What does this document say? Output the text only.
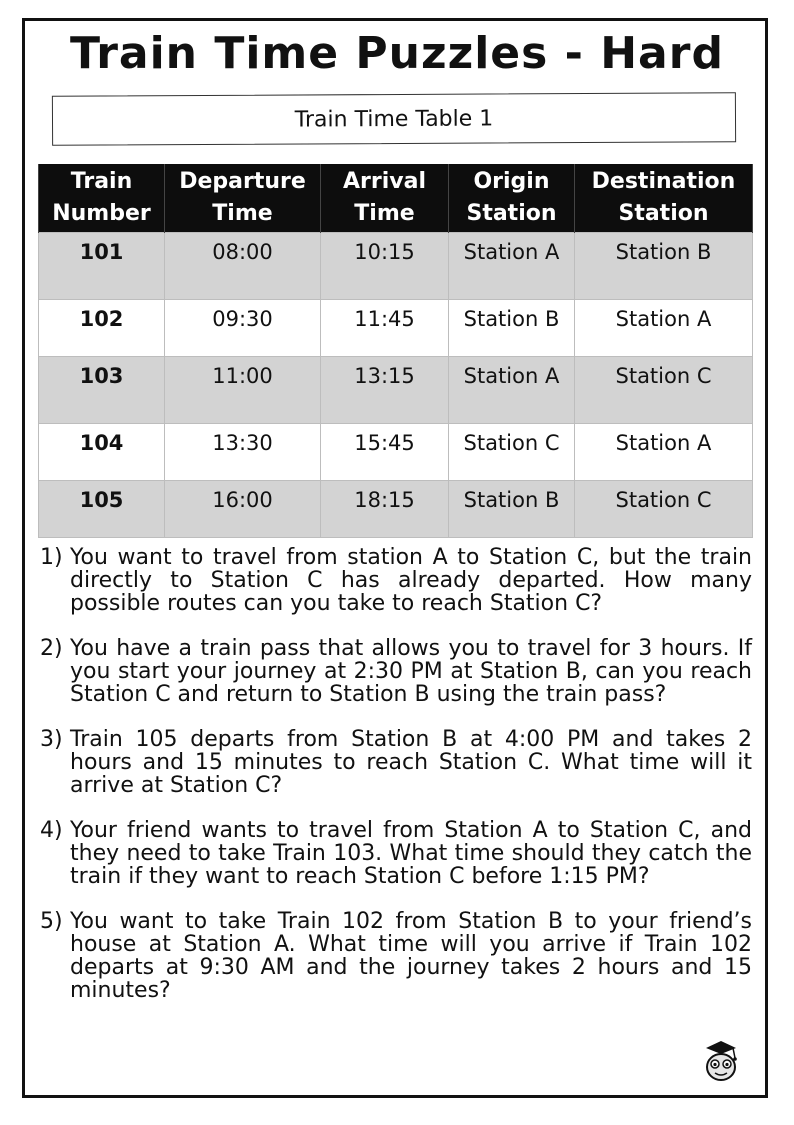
Train Time Puzzles - Hard
Train Time Table 1
Train Number	Departure Time	Arrival Time	Origin Station	Destination Station
101	08:00	10:15	Station A	Station B
102	09:30	11:45	Station B	Station A
103	11:00	13:15	Station A	Station C
104	13:30	15:45	Station C	Station A
105	16:00	18:15	Station B	Station C
1) You want to travel from station A to Station C, but the train directly to Station C has already departed. How many possible routes can you take to reach Station C?
2) You have a train pass that allows you to travel for 3 hours. If you start your journey at 2:30 PM at Station B, can you reach Station C and return to Station B using the train pass?
3) Train 105 departs from Station B at 4:00 PM and takes 2 hours and 15 minutes to reach Station C. What time will it arrive at Station C?
4) Your friend wants to travel from Station A to Station C, and they need to take Train 103. What time should they catch the train if they want to reach Station C before 1:15 PM?
5) You want to take Train 102 from Station B to your friend’s house at Station A. What time will you arrive if Train 102 departs at 9:30 AM and the journey takes 2 hours and 15 minutes?
